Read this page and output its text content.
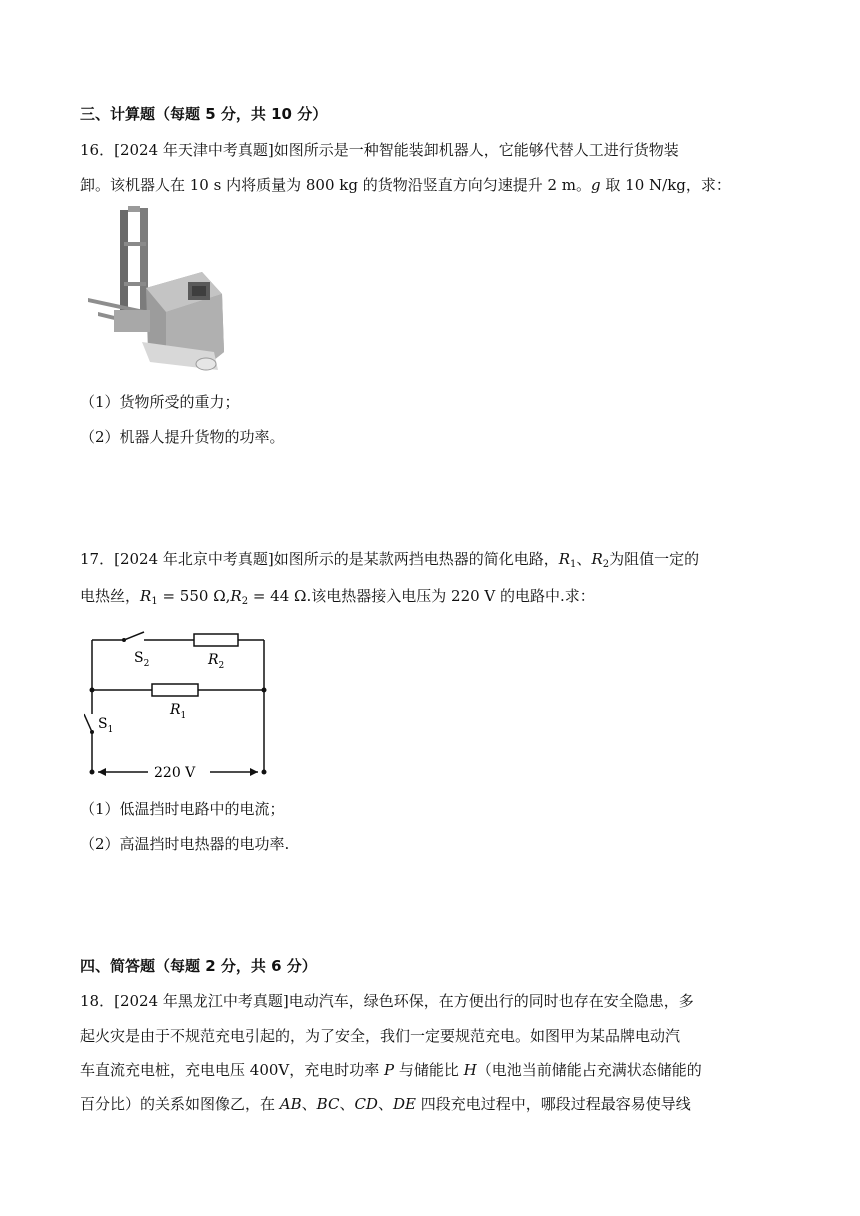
三、计算题（每题 5 分，共 10 分）
16．[2024 年天津中考真题]如图所示是一种智能装卸机器人，它能够代替人工进行货物装
卸。该机器人在 10 s 内将质量为 800 kg 的货物沿竖直方向匀速提升 2 m。g 取 10 N/kg，求：
（1）货物所受的重力；
（2）机器人提升货物的功率。
17．[2024 年北京中考真题]如图所示的是某款两挡电热器的简化电路，$R_1$、$R_2$为阻值一定的
电热丝，$R_1 = 550$ $\Omega,R_2 = 44$ Ω.该电热器接入电压为 220 V 的电路中.求：
$S_2$	$R_2$
$R_1$
$S_1$
220 V
（1）低温挡时电路中的电流；
（2）高温挡时电热器的电功率.
四、简答题（每题 2 分，共 6 分）
18．[2024 年黑龙江中考真题]电动汽车，绿色环保，在方便出行的同时也存在安全隐患，多
起火灾是由于不规范充电引起的，为了安全，我们一定要规范充电。如图甲为某品牌电动汽
车直流充电桩，充电电压 400V，充电时功率 P 与储能比 H（电池当前储能占充满状态储能的
百分比）的关系如图像乙，在 AB、BC、CD、DE 四段充电过程中，哪段过程最容易使导线
